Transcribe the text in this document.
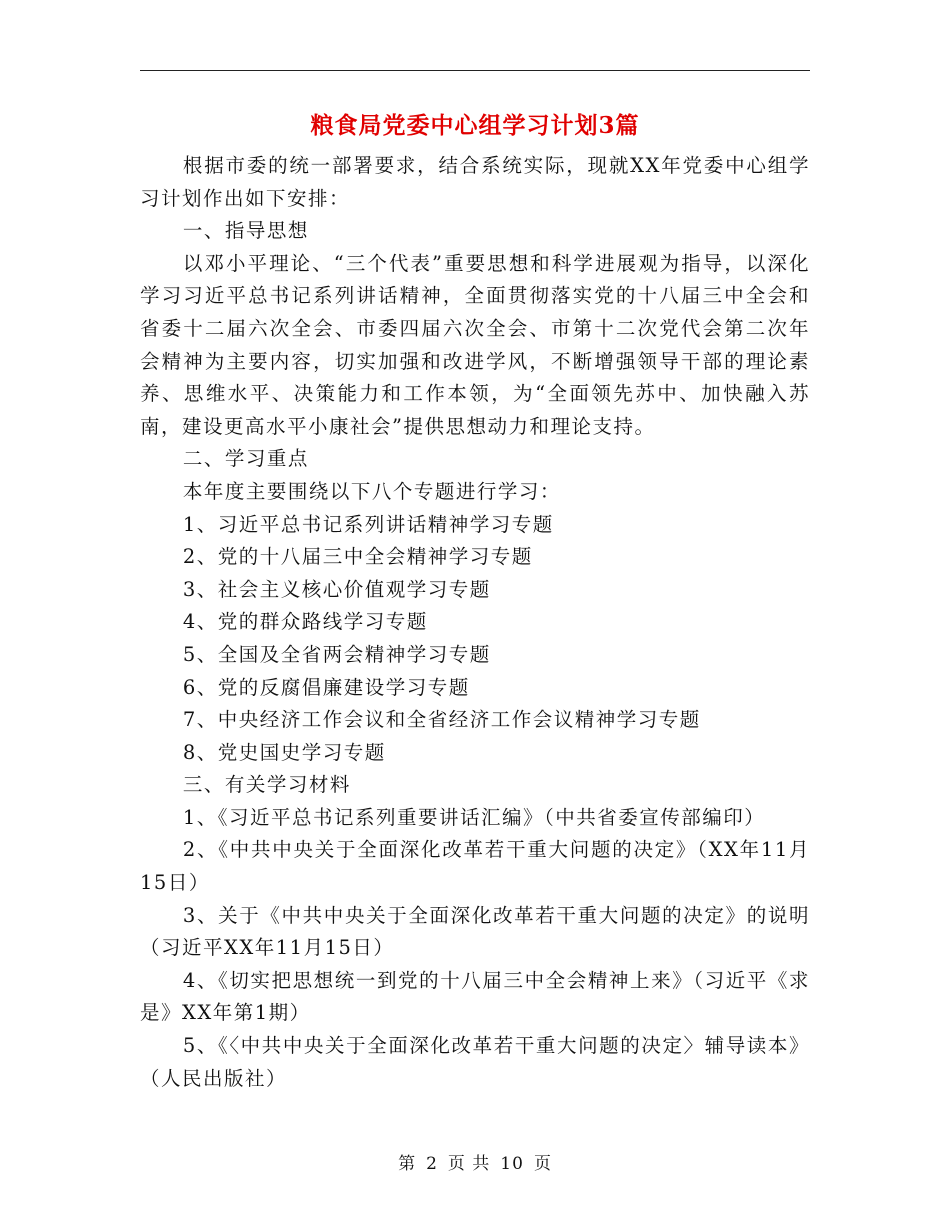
粮食局党委中心组学习计划3篇

根据市委的统一部署要求，结合系统实际，现就XX年党委中心组学习计划作出如下安排：

一、指导思想

以邓小平理论、“三个代表”重要思想和科学进展观为指导，以深化学习习近平总书记系列讲话精神，全面贯彻落实党的十八届三中全会和省委十二届六次全会、市委四届六次全会、市第十二次党代会第二次年会精神为主要内容，切实加强和改进学风，不断增强领导干部的理论素养、思维水平、决策能力和工作本领，为“全面领先苏中、加快融入苏南，建设更高水平小康社会”提供思想动力和理论支持。

二、学习重点

本年度主要围绕以下八个专题进行学习：

1、习近平总书记系列讲话精神学习专题

2、党的十八届三中全会精神学习专题

3、社会主义核心价值观学习专题

4、党的群众路线学习专题

5、全国及全省两会精神学习专题

6、党的反腐倡廉建设学习专题

7、中央经济工作会议和全省经济工作会议精神学习专题

8、党史国史学习专题

三、有关学习材料

1、《习近平总书记系列重要讲话汇编》（中共省委宣传部编印）

2、《中共中央关于全面深化改革若干重大问题的决定》（XX年11月15日）

3、关于《中共中央关于全面深化改革若干重大问题的决定》的说明（习近平XX年11月15日）

4、《切实把思想统一到党的十八届三中全会精神上来》（习近平《求是》XX年第1期）

5、《〈中共中央关于全面深化改革若干重大问题的决定〉辅导读本》（人民出版社）

第 2 页 共 10 页
